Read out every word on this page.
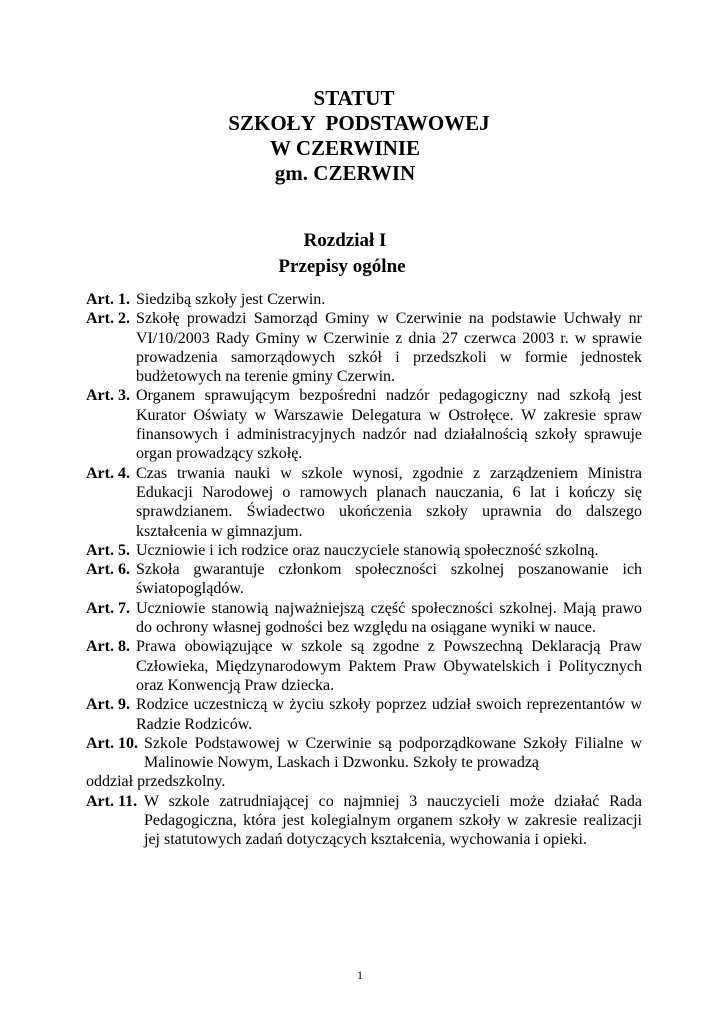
STATUT
SZKOŁY  PODSTAWOWEJ
W CZERWINIE
gm. CZERWIN
Rozdział I
Przepisy ogólne
Art. 1. Siedzibą szkoły jest Czerwin.
Art. 2. Szkołę prowadzi Samorząd Gminy w Czerwinie na podstawie Uchwały nr VI/10/2003 Rady Gminy w Czerwinie z dnia 27 czerwca 2003 r. w sprawie prowadzenia samorządowych szkół i przedszkoli w formie jednostek budżetowych na terenie gminy Czerwin.
Art. 3. Organem sprawującym bezpośredni nadzór pedagogiczny nad szkołą jest Kurator Oświaty w Warszawie Delegatura w Ostrołęce. W zakresie spraw finansowych i administracyjnych nadzór nad działalnością szkoły sprawuje organ prowadzący szkołę.
Art. 4. Czas trwania nauki w szkole wynosi, zgodnie z zarządzeniem Ministra Edukacji Narodowej o ramowych planach nauczania, 6 lat i kończy się sprawdzianem. Świadectwo ukończenia szkoły uprawnia do dalszego kształcenia w gimnazjum.
Art. 5. Uczniowie i ich rodzice oraz nauczyciele stanowią społeczność szkolną.
Art. 6. Szkoła gwarantuje członkom społeczności szkolnej poszanowanie ich światopoglądów.
Art. 7. Uczniowie stanowią najważniejszą część społeczności szkolnej. Mają prawo do ochrony własnej godności bez względu na osiągane wyniki w nauce.
Art. 8. Prawa obowiązujące w szkole są zgodne z Powszechną Deklaracją Praw Człowieka, Międzynarodowym Paktem Praw Obywatelskich i Politycznych oraz Konwencją Praw dziecka.
Art. 9. Rodzice uczestniczą w życiu szkoły poprzez udział swoich reprezentantów w Radzie Rodziców.
Art. 10. Szkole Podstawowej w Czerwinie są podporządkowane Szkoły Filialne w Malinowie Nowym, Laskach i Dzwonku. Szkoły te prowadzą
oddział przedszkolny.
Art. 11. W szkole zatrudniającej co najmniej 3 nauczycieli może działać Rada Pedagogiczna, która jest kolegialnym organem szkoły w zakresie realizacji jej statutowych zadań dotyczących kształcenia, wychowania i opieki.
1
